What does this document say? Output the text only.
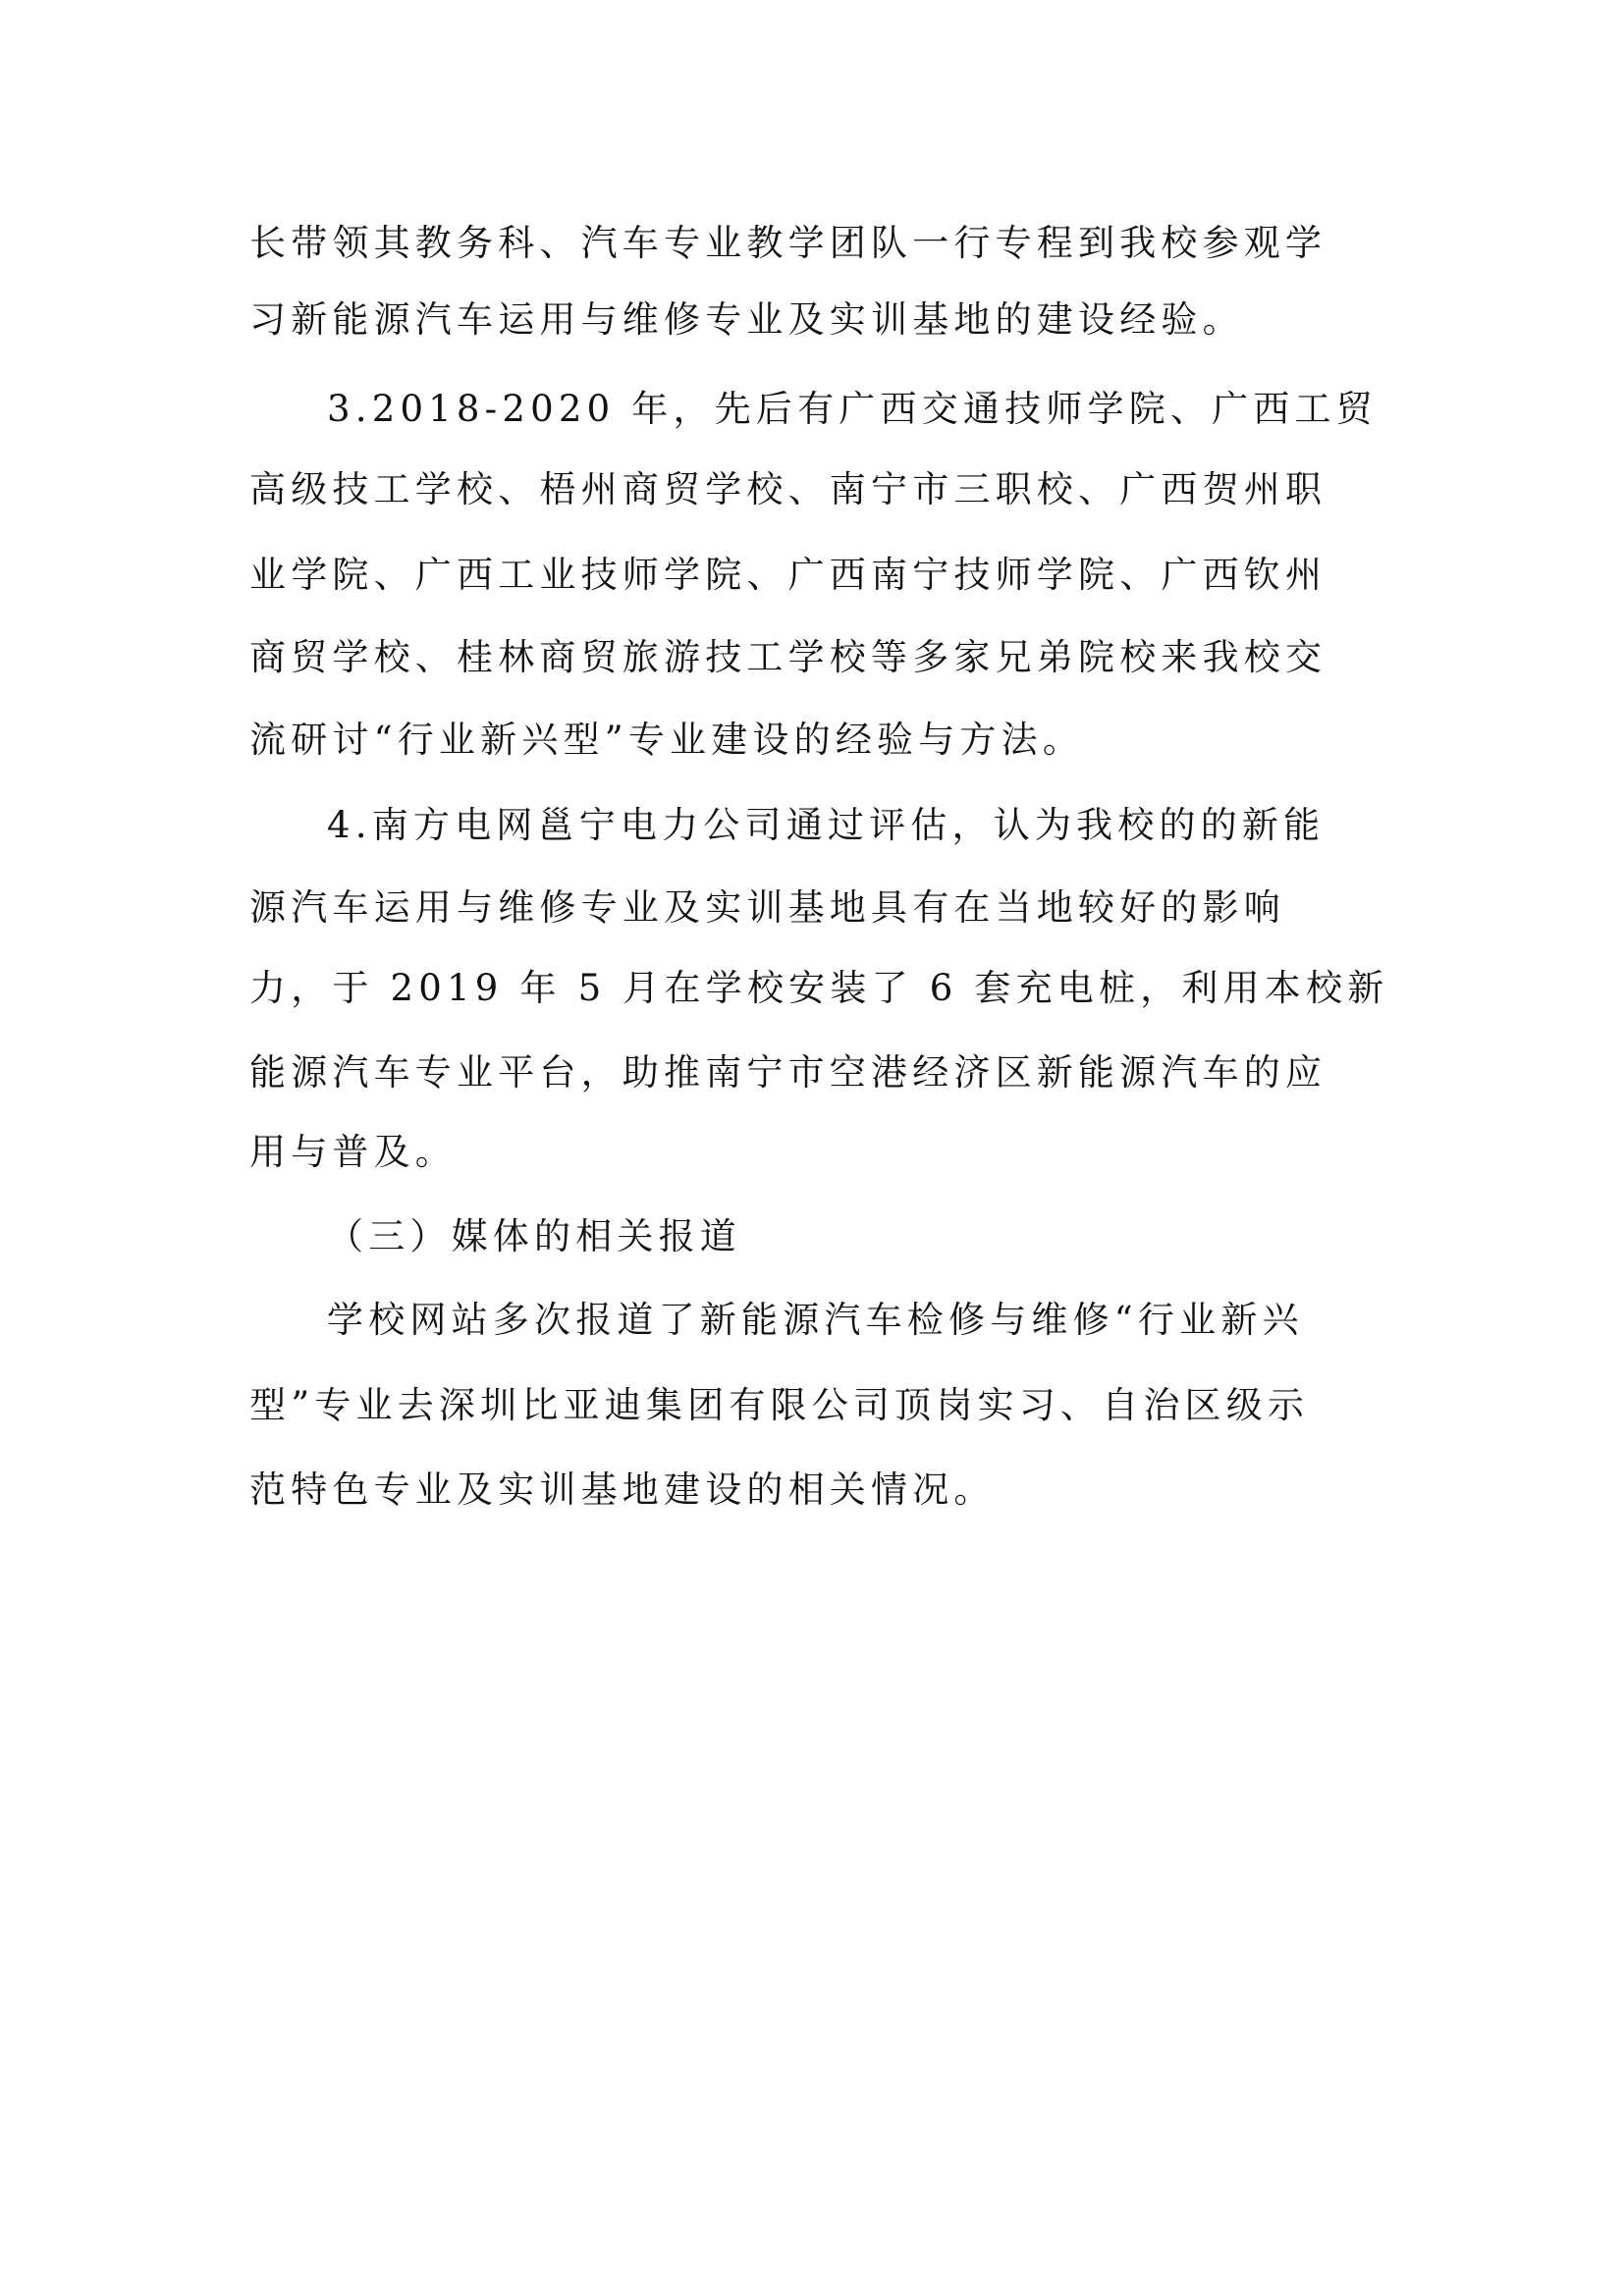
长带领其教务科、汽车专业教学团队一行专程到我校参观学

习新能源汽车运用与维修专业及实训基地的建设经验。

3.2018-2020 年，先后有广西交通技师学院、广西工贸

高级技工学校、梧州商贸学校、南宁市三职校、广西贺州职

业学院、广西工业技师学院、广西南宁技师学院、广西钦州

商贸学校、桂林商贸旅游技工学校等多家兄弟院校来我校交

流研讨“行业新兴型”专业建设的经验与方法。

4.南方电网邕宁电力公司通过评估，认为我校的的新能

源汽车运用与维修专业及实训基地具有在当地较好的影响

力，于 2019 年 5 月在学校安装了 6 套充电桩，利用本校新

能源汽车专业平台，助推南宁市空港经济区新能源汽车的应

用与普及。

（三）媒体的相关报道

学校网站多次报道了新能源汽车检修与维修“行业新兴

型”专业去深圳比亚迪集团有限公司顶岗实习、自治区级示

范特色专业及实训基地建设的相关情况。
